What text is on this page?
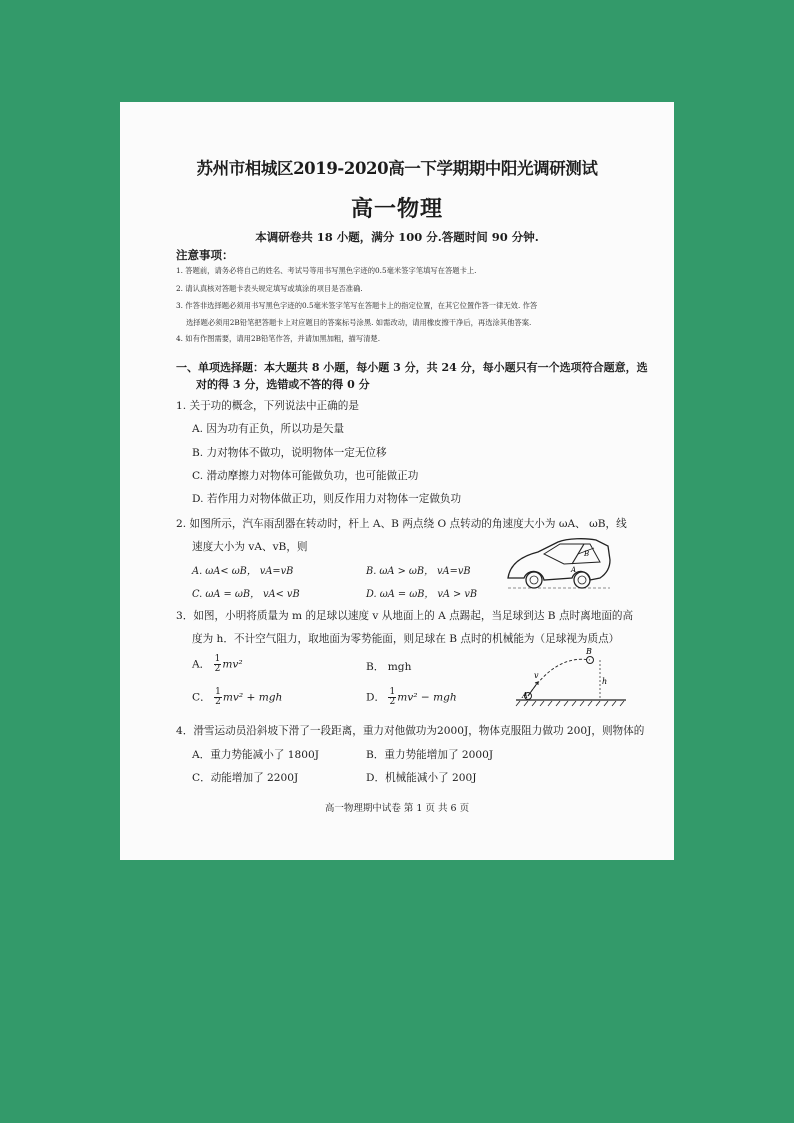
苏州市相城区2019-2020高一下学期期中阳光调研测试
高一物理
本调研卷共 18 小题，满分 100 分.答题时间 90 分钟.
注意事项：
1. 答题前，请务必将自己的姓名、考试号等用书写黑色字迹的0.5毫米签字笔填写在答题卡上.
2. 请认真核对答题卡表头规定填写或填涂的项目是否准确.
3. 作答非选择题必须用书写黑色字迹的0.5毫米签字笔写在答题卡上的指定位置，在其它位置作答一律无效. 作答
选择题必须用2B铅笔把答题卡上对应题目的答案标号涂黑. 如需改动，请用橡皮擦干净后，再选涂其他答案.
4. 如有作图需要，请用2B铅笔作答，并请加黑加粗，描写清楚.
一、单项选择题：本大题共 8 小题，每小题 3 分，共 24 分，每小题只有一个选项符合题意，选
对的得 3 分，选错或不答的得 0 分
1. 关于功的概念，下列说法中正确的是
A. 因为功有正负，所以功是矢量
B. 力对物体不做功，说明物体一定无位移
C. 滑动摩擦力对物体可能做负功，也可能做正功
D. 若作用力对物体做正功，则反作用力对物体一定做负功
2. 如图所示，汽车雨刮器在转动时，杆上 A、B 两点绕 O 点转动的角速度大小为 ωA、 ωB，线
速度大小为 vA、vB，则
A. ωA< ωB， vA=vB	B. ωA > ωB， vA=vB
C. ωA = ωB， vA< vB	D. ωA = ωB， vA > vB
B
A
3．如图，小明将质量为 m 的足球以速度 v 从地面上的 A 点踢起，当足球到达 B 点时离地面的高
度为 h．不计空气阻力，取地面为零势能面，则足球在 B 点时的机械能为（足球视为质点）
A． $\frac{1}{2} mv^2$	B． mgh
C． $\frac{1}{2} mv^2$ + mgh	D． $\frac{1}{2} mv^2$ − mgh	A
v
B
h
4．滑雪运动员沿斜坡下滑了一段距离，重力对他做功为2000J，物体克服阻力做功 200J，则物体的
A．重力势能减小了 1800J	B．重力势能增加了 2000J
C．动能增加了 2200J	D．机械能减小了 200J
高一物理期中试卷 第 1 页 共 6 页
